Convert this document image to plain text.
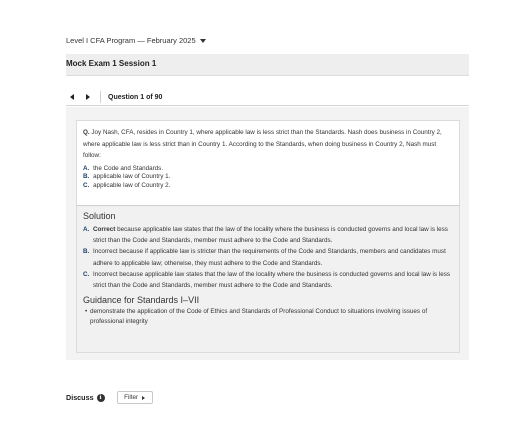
Level I CFA Program — February 2025
Mock Exam 1 Session 1
Question 1 of 90

Q. Joy Nash, CFA, resides in Country 1, where applicable law is less strict than the Standards. Nash does business in Country 2, where applicable law is less strict than in Country 1. According to the Standards, when doing business in Country 2, Nash must follow:

A. the Code and Standards.
B. applicable law of Country 1.
C. applicable law of Country 2.
Solution
A. Correct because applicable law states that the law of the locality where the business is conducted governs and local law is less strict than the Code and Standards, member must adhere to the Code and Standards.
B. Incorrect because if applicable law is stricter than the requirements of the Code and Standards, members and candidates must adhere to applicable law; otherwise, they must adhere to the Code and Standards.
C. Incorrect because applicable law states that the law of the locality where the business is conducted governs and local law is less strict than the Code and Standards, member must adhere to the Code and Standards.
Guidance for Standards I–VII
• demonstrate the application of the Code of Ethics and Standards of Professional Conduct to situations involving issues of professional integrity
Discuss	i	Filter
